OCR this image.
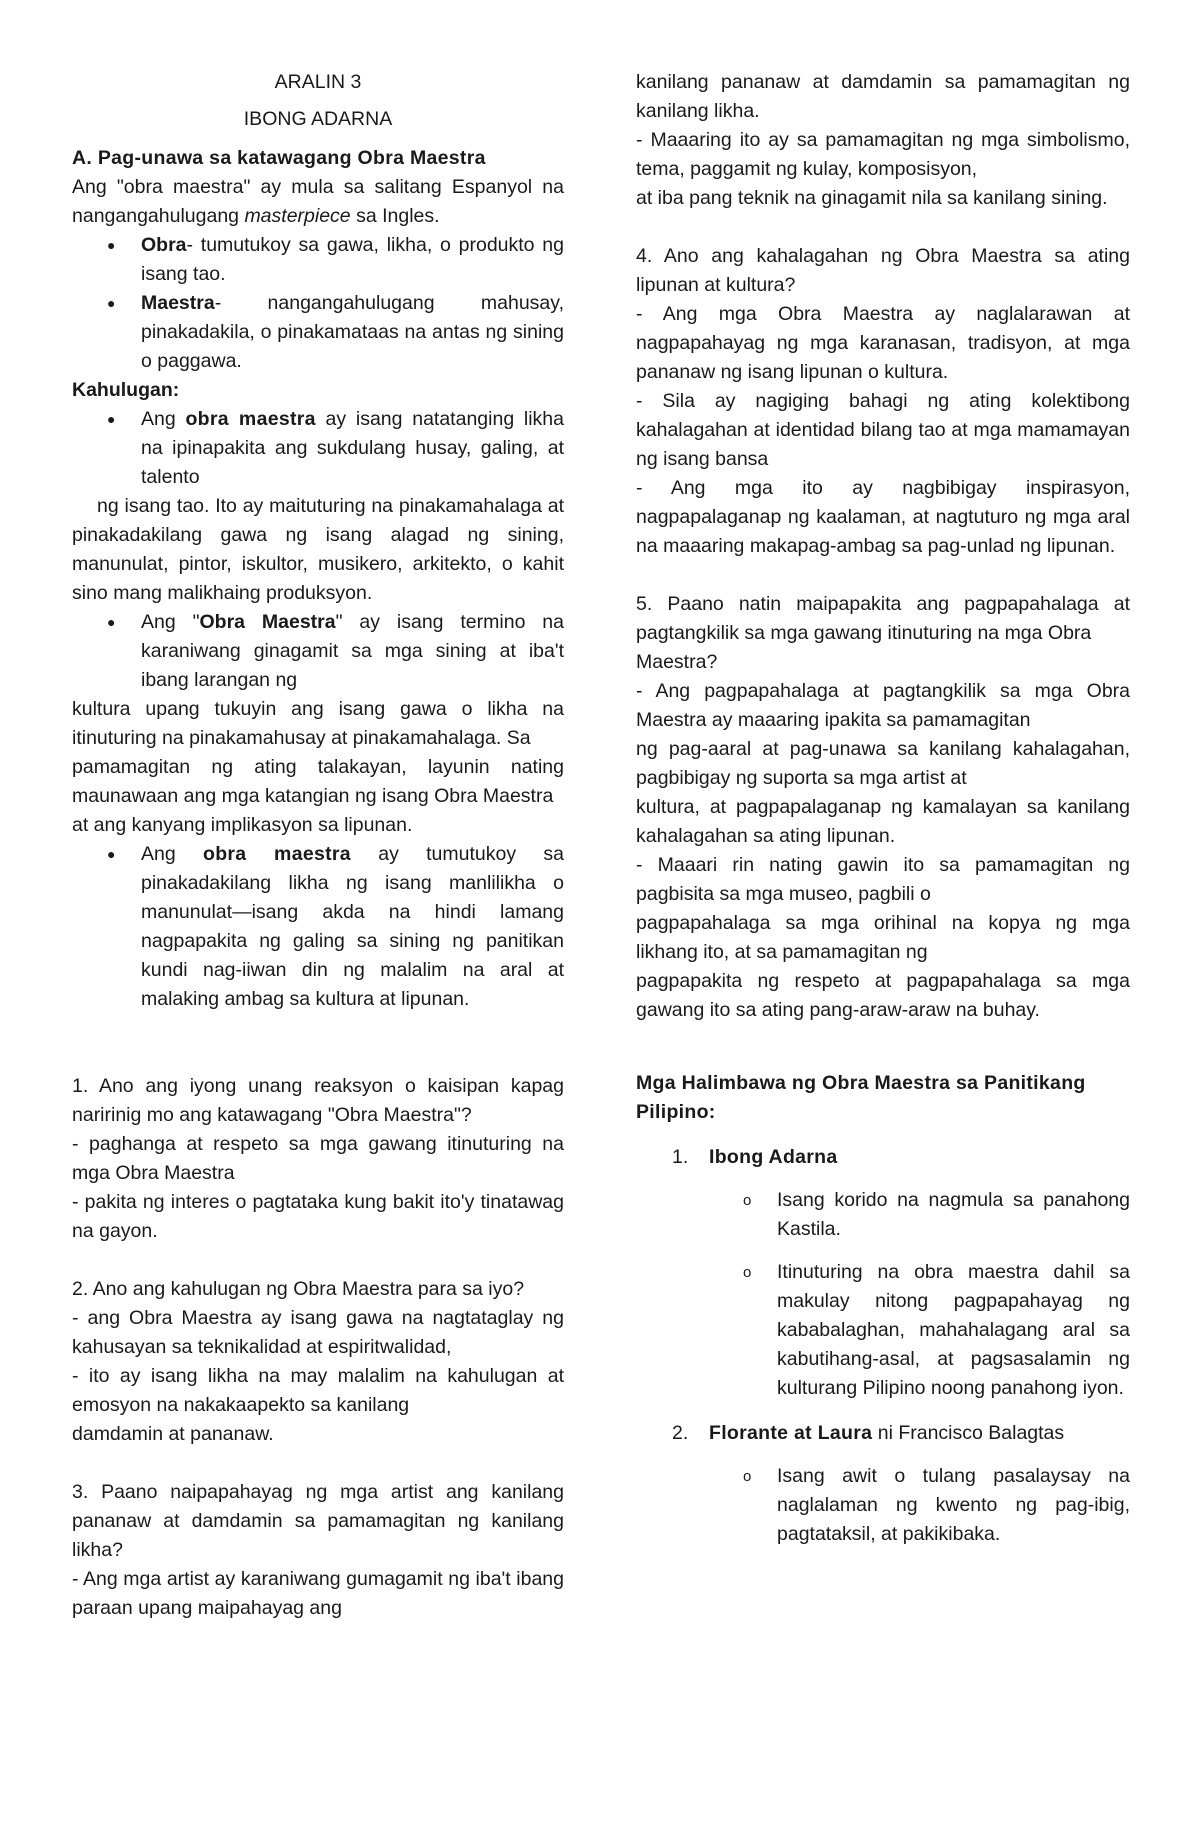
ARALIN 3

IBONG ADARNA

A. Pag-unawa sa katawagang Obra Maestra

Ang "obra maestra" ay mula sa salitang Espanyol na nangangahulugang masterpiece sa Ingles.

● Obra- tumutukoy sa gawa, likha, o produkto ng isang tao.
● Maestra- nangangahulugang mahusay, pinakadakila, o pinakamataas na antas ng sining o paggawa.

Kahulugan:

● Ang obra maestra ay isang natatanging likha na ipinapakita ang sukdulang husay, galing, at talento

ng isang tao. Ito ay maituturing na pinakamahalaga at pinakadakilang gawa ng isang alagad ng sining, manunulat, pintor, iskultor, musikero, arkitekto, o kahit sino mang malikhaing produksyon.

● Ang "Obra Maestra" ay isang termino na karaniwang ginagamit sa mga sining at iba't ibang larangan ng

kultura upang tukuyin ang isang gawa o likha na itinuturing na pinakamahusay at pinakamahalaga. Sa

pamamagitan ng ating talakayan, layunin nating maunawaan ang mga katangian ng isang Obra Maestra

at ang kanyang implikasyon sa lipunan.

● Ang obra maestra ay tumutukoy sa pinakadakilang likha ng isang manlilikha o manunulat—isang akda na hindi lamang nagpapakita ng galing sa sining ng panitikan kundi nag-iiwan din ng malalim na aral at malaking ambag sa kultura at lipunan.

1. Ano ang iyong unang reaksyon o kaisipan kapag naririnig mo ang katawagang "Obra Maestra"?

- paghanga at respeto sa mga gawang itinuturing na mga Obra Maestra

- pakita ng interes o pagtataka kung bakit ito'y tinatawag na gayon.

2. Ano ang kahulugan ng Obra Maestra para sa iyo?

- ang Obra Maestra ay isang gawa na nagtataglay ng kahusayan sa teknikalidad at espiritwalidad,

- ito ay isang likha na may malalim na kahulugan at emosyon na nakakaapekto sa kanilang

damdamin at pananaw.

3. Paano naipapahayag ng mga artist ang kanilang pananaw at damdamin sa pamamagitan ng kanilang likha?

- Ang mga artist ay karaniwang gumagamit ng iba't ibang paraan upang maipahayag ang

kanilang pananaw at damdamin sa pamamagitan ng kanilang likha.

- Maaaring ito ay sa pamamagitan ng mga simbolismo, tema, paggamit ng kulay, komposisyon,

at iba pang teknik na ginagamit nila sa kanilang sining.

4. Ano ang kahalagahan ng Obra Maestra sa ating lipunan at kultura?

- Ang mga Obra Maestra ay naglalarawan at nagpapahayag ng mga karanasan, tradisyon, at mga pananaw ng isang lipunan o kultura.

- Sila ay nagiging bahagi ng ating kolektibong kahalagahan at identidad bilang tao at mga mamamayan ng isang bansa

- Ang mga ito ay nagbibigay inspirasyon, nagpapalaganap ng kaalaman, at nagtuturo ng mga aral na maaaring makapag-ambag sa pag-unlad ng lipunan.

5. Paano natin maipapakita ang pagpapahalaga at pagtangkilik sa mga gawang itinuturing na mga Obra

Maestra?

- Ang pagpapahalaga at pagtangkilik sa mga Obra Maestra ay maaaring ipakita sa pamamagitan

ng pag-aaral at pag-unawa sa kanilang kahalagahan, pagbibigay ng suporta sa mga artist at

kultura, at pagpapalaganap ng kamalayan sa kanilang kahalagahan sa ating lipunan.

- Maaari rin nating gawin ito sa pamamagitan ng pagbisita sa mga museo, pagbili o

pagpapahalaga sa mga orihinal na kopya ng mga likhang ito, at sa pamamagitan ng

pagpapakita ng respeto at pagpapahalaga sa mga gawang ito sa ating pang-araw-araw na buhay.

Mga Halimbawa ng Obra Maestra sa Panitikang Pilipino:

1. Ibong Adarna
o Isang korido na nagmula sa panahong Kastila.
o Itinuturing na obra maestra dahil sa makulay nitong pagpapahayag ng kababalaghan, mahahalagang aral sa kabutihang-asal, at pagsasalamin ng kulturang Pilipino noong panahong iyon.
2. Florante at Laura ni Francisco Balagtas
o Isang awit o tulang pasalaysay na naglalaman ng kwento ng pag-ibig, pagtataksil, at pakikibaka.
